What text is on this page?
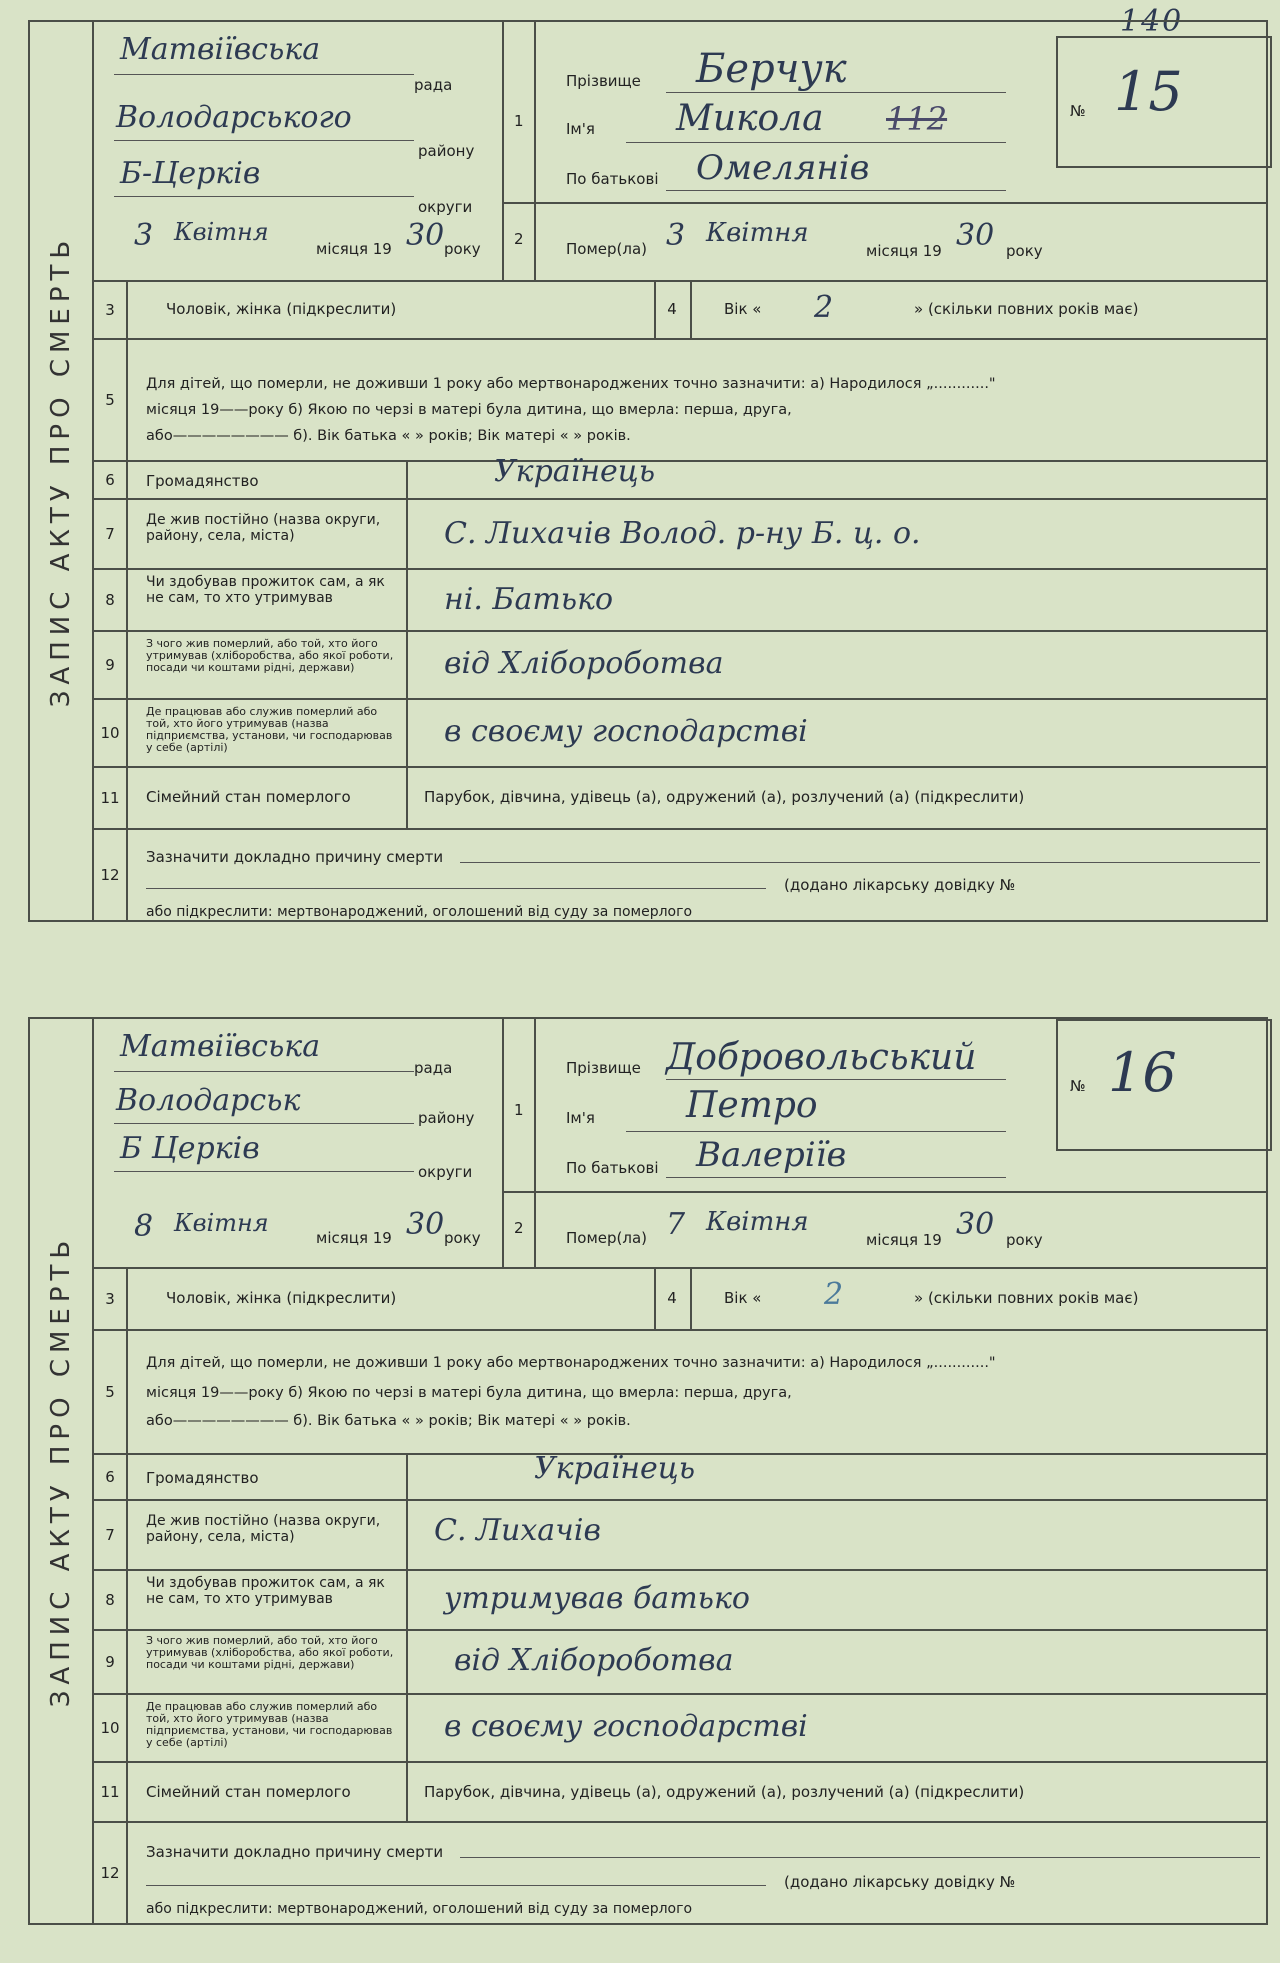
140
ЗАПИС АКТУ ПРО СМЕРТЬ
Матвіївська
рада
Володарського
району
Б-Церків
округи
3 Квітня
місяця 19 30 року
1
2
Прізвище Берчук
Ім'я Микола 112
По батькові Омелянів
Помер(ла) 3 Квітня
місяця 19 30 року
№ 15
3	Чоловік, жінка (підкреслити)	4	Вік « 2	» (скільки повних років має)
5
Для дітей, що померли, не доживши 1 року або мертвонароджених точно зазначити: а) Народилося „............"
місяця 19——року б) Якою по черзі в матері була дитина, що вмерла: перша, друга,
або———————— б). Вік батька « » років; Вік матері « » років.
6	Громадянство	Українець
7
Де жив постійно (назва округи, району, села, міста)	С. Лихачів Волод. р-ну Б. ц. о.
8
Чи здобував прожиток сам, а як не сам, то хто утримував	ні. Батько
9
З чого жив померлий, або той, хто його утримував (хліборобства, або якої роботи, посади чи коштами рідні, держави)	від Хлібороботва
10
Де працював або служив померлий або той, хто його утримував (назва підприємства, установи, чи господарював у себе (артілі)	в своєму господарстві
11	Сімейний стан померлого	Парубок, дівчина, удівець (а), одружений (а), розлучений (а) (підкреслити)
12
Зазначити докладно причину смерти
(додано лікарську довідку №
або підкреслити: мертвонароджений, оголошений від суду за померлого
ЗАПИС АКТУ ПРО СМЕРТЬ
Матвіївська
рада
Володарськ	району
Б Церків
округи
8 Квітня
місяця 19 30 року
1
2
Прізвище Добровольський
Ім'я	Петро
По батькові Валеріїв
Помер(ла) 7 Квітня
місяця 19 30 року
№ 16
3	Чоловік, жінка (підкреслити)	4	Вік « 2	» (скільки повних років має)
5
Для дітей, що померли, не доживши 1 року або мертвонароджених точно зазначити: а) Народилося „............"
місяця 19——року б) Якою по черзі в матері була дитина, що вмерла: перша, друга,
або———————— б). Вік батька « » років; Вік матері « » років.
6	Громадянство	Українець
7
Де жив постійно (назва округи, району, села, міста)	С. Лихачів
8
Чи здобував прожиток сам, а як не сам, то хто утримував	утримував батько
9
З чого жив померлий, або той, хто його утримував (хліборобства, або якої роботи, посади чи коштами рідні, держави)	від Хлібороботва
10
Де працював або служив померлий або той, хто його утримував (назва підприємства, установи, чи господарював у себе (артілі)	в своєму господарстві
11	Сімейний стан померлого	Парубок, дівчина, удівець (а), одружений (а), розлучений (а) (підкреслити)
12
Зазначити докладно причину смерти
(додано лікарську довідку №
або підкреслити: мертвонароджений, оголошений від суду за померлого
